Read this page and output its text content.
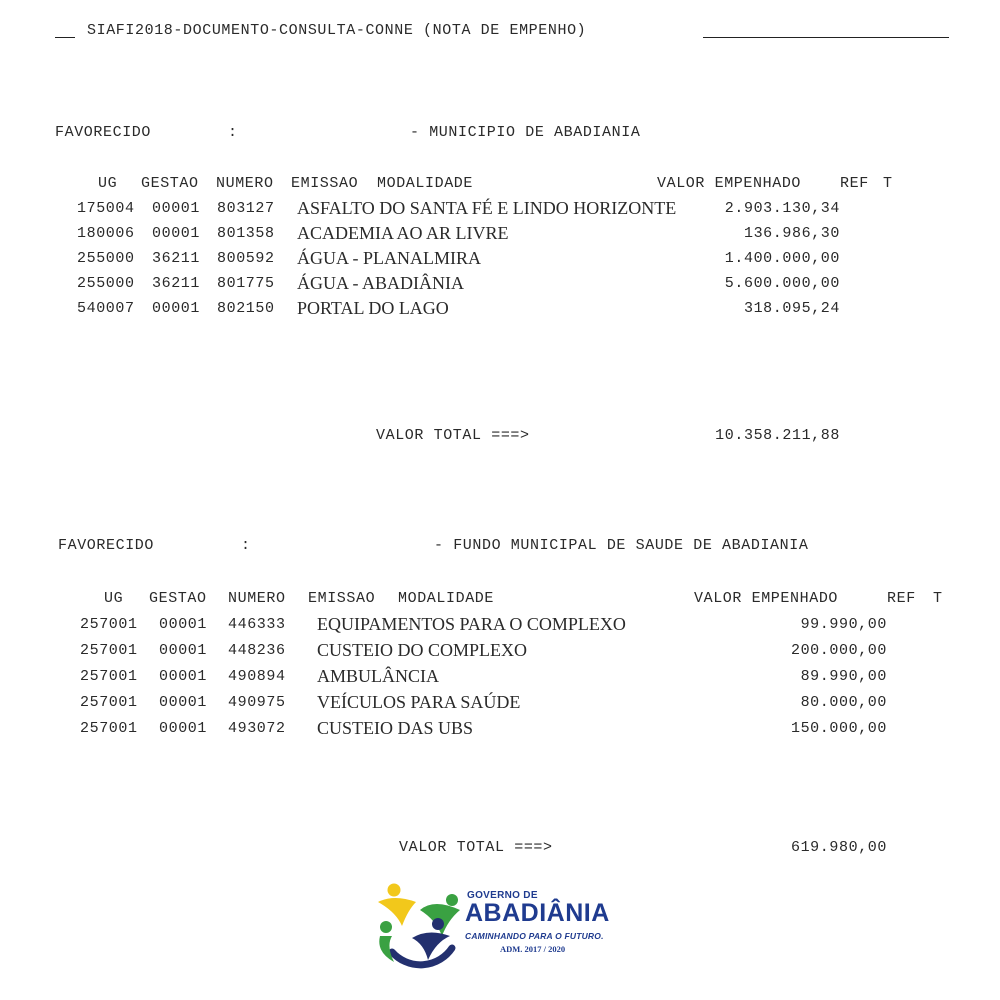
SIAFI2018-DOCUMENTO-CONSULTA-CONNE (NOTA DE EMPENHO)
FAVORECIDO	:	- MUNICIPIO DE ABADIANIA
UG GESTAO NUMERO EMISSAO MODALIDADE	VALOR EMPENHADO	REF T
175004 00001 803127 ASFALTO DO SANTA FÉ E LINDO HORIZONTE	2.903.130,34
180006 00001 801358 ACADEMIA AO AR LIVRE	136.986,30
255000 36211 800592 ÁGUA - PLANALMIRA	1.400.000,00
255000 36211 801775 ÁGUA - ABADIÂNIA	5.600.000,00
540007 00001 802150 PORTAL DO LAGO	318.095,24
VALOR TOTAL ===>	10.358.211,88
FAVORECIDO	:	- FUNDO MUNICIPAL DE SAUDE DE ABADIANIA
UG GESTAO NUMERO EMISSAO MODALIDADE	VALOR EMPENHADO	REF T
257001 00001 446333 EQUIPAMENTOS PARA O COMPLEXO	99.990,00
257001 00001 448236 CUSTEIO DO COMPLEXO	200.000,00
257001 00001 490894 AMBULÂNCIA	89.990,00
257001 00001 490975 VEÍCULOS PARA SAÚDE	80.000,00
257001 00001 493072 CUSTEIO DAS UBS	150.000,00
VALOR TOTAL ===>	619.980,00
GOVERNO DE
ABADIÂNIA
CAMINHANDO PARA O FUTURO.
ADM. 2017 / 2020
